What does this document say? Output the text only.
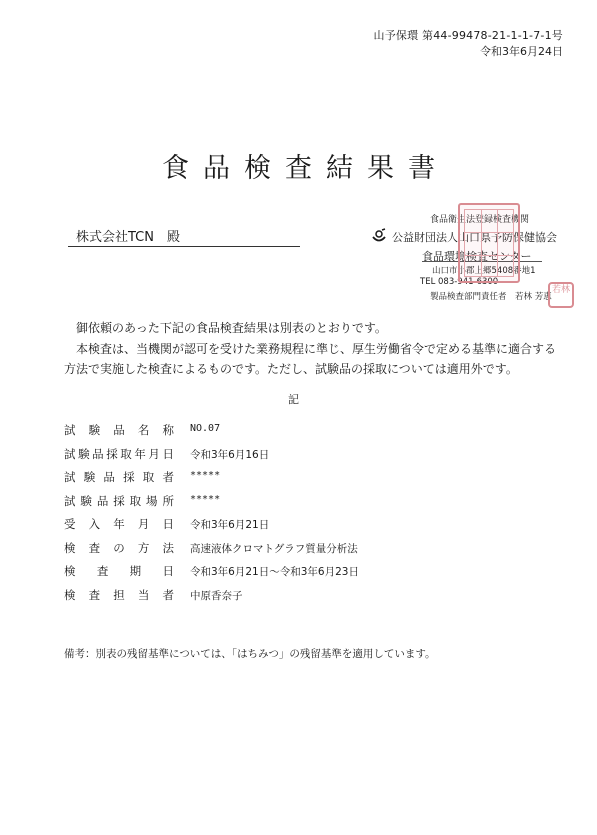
山予保環 第44-99478-21-1-1-7-1号
令和3年6月24日
食品検査結果書
株式会社TCN　殿
食品衛生法登録検査機関
公益財団法人山口県予防保健協会
食品環境検査センター
山口市小郡上郷5408番地1
TEL 083-941-6300
製品検査部門責任者　若林 芳恵
若林
御依頼のあった下記の食品検査結果は別表のとおりです。
本検査は、当機関が認可を受けた業務規程に準じ、厚生労働省令で定める基準に適合する
方法で実施した検査によるものです。ただし、試験品の採取については適用外です。
記
試 験 品 名 称 NO.07
試 験 品 採 取 年 月 日 令和3年6月16日
試 験 品 採 取 者 *****
試 験 品 採 取 場 所 *****
受 入 年 月 日 令和3年6月21日
検 査 の 方 法 高速液体クロマトグラフ質量分析法
検 査 期 日 令和3年6月21日～令和3年6月23日
検 査 担 当 者 中原香奈子
備考：別表の残留基準については、「はちみつ」の残留基準を適用しています。
